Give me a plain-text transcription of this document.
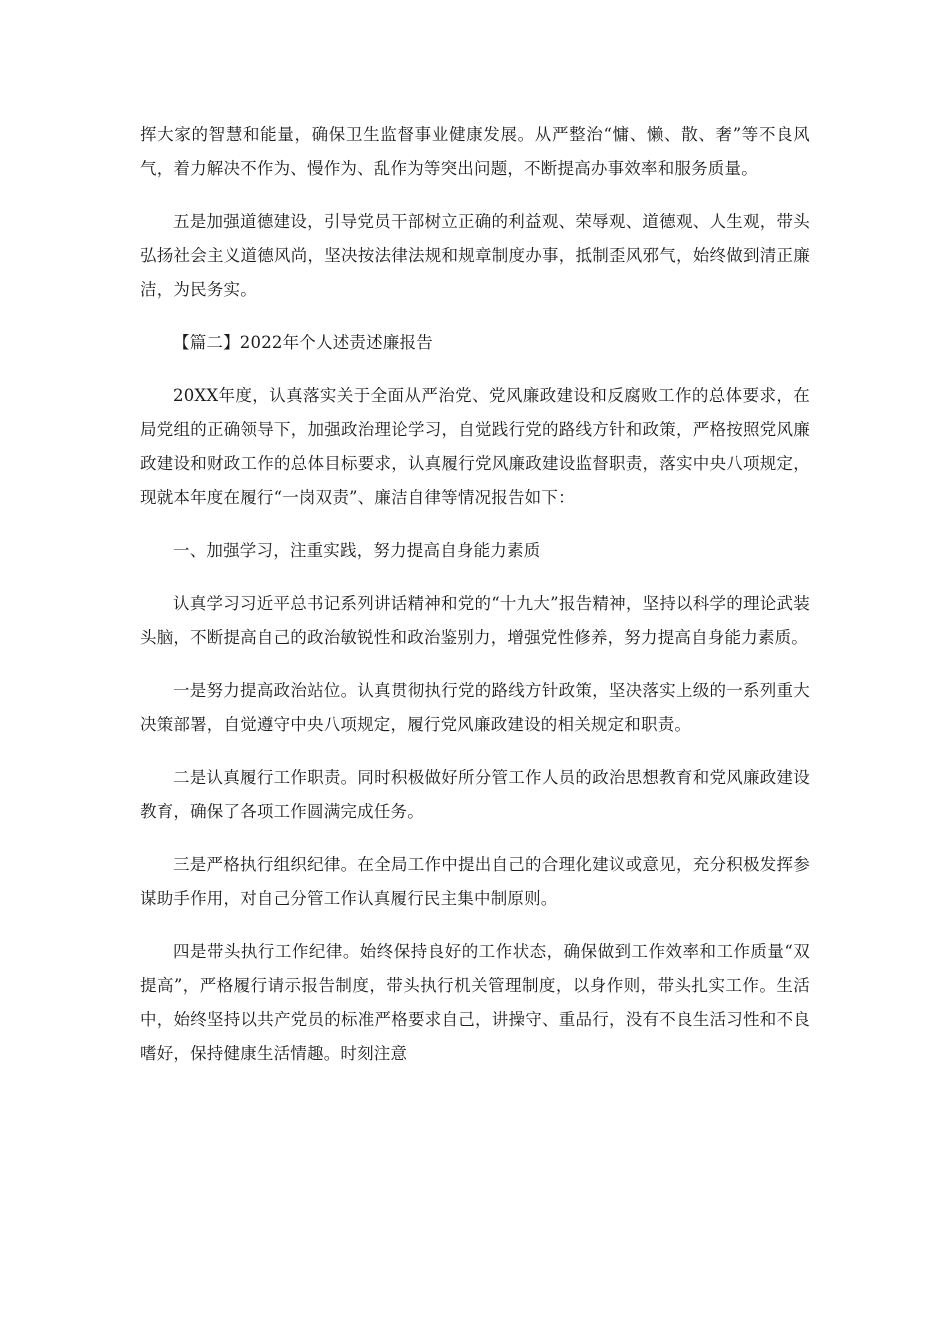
挥大家的智慧和能量，确保卫生监督事业健康发展。从严整治“慵、懒、散、奢”等不良风气，着力解决不作为、慢作为、乱作为等突出问题，不断提高办事效率和服务质量。

五是加强道德建设，引导党员干部树立正确的利益观、荣辱观、道德观、人生观，带头弘扬社会主义道德风尚，坚决按法律法规和规章制度办事，抵制歪风邪气，始终做到清正廉洁，为民务实。

【篇二】2022年个人述责述廉报告

20XX年度，认真落实关于全面从严治党、党风廉政建设和反腐败工作的总体要求，在局党组的正确领导下，加强政治理论学习，自觉践行党的路线方针和政策，严格按照党风廉政建设和财政工作的总体目标要求，认真履行党风廉政建设监督职责，落实中央八项规定，现就本年度在履行“一岗双责”、廉洁自律等情况报告如下：

一、加强学习，注重实践，努力提高自身能力素质

认真学习习近平总书记系列讲话精神和党的“十九大”报告精神，坚持以科学的理论武装头脑，不断提高自己的政治敏锐性和政治鉴别力，增强党性修养，努力提高自身能力素质。

一是努力提高政治站位。认真贯彻执行党的路线方针政策，坚决落实上级的一系列重大决策部署，自觉遵守中央八项规定，履行党风廉政建设的相关规定和职责。

二是认真履行工作职责。同时积极做好所分管工作人员的政治思想教育和党风廉政建设教育，确保了各项工作圆满完成任务。

三是严格执行组织纪律。在全局工作中提出自己的合理化建议或意见，充分积极发挥参谋助手作用，对自己分管工作认真履行民主集中制原则。

四是带头执行工作纪律。始终保持良好的工作状态，确保做到工作效率和工作质量“双提高”，严格履行请示报告制度，带头执行机关管理制度，以身作则，带头扎实工作。生活中，始终坚持以共产党员的标准严格要求自己，讲操守、重品行，没有不良生活习性和不良嗜好，保持健康生活情趣。时刻注意
